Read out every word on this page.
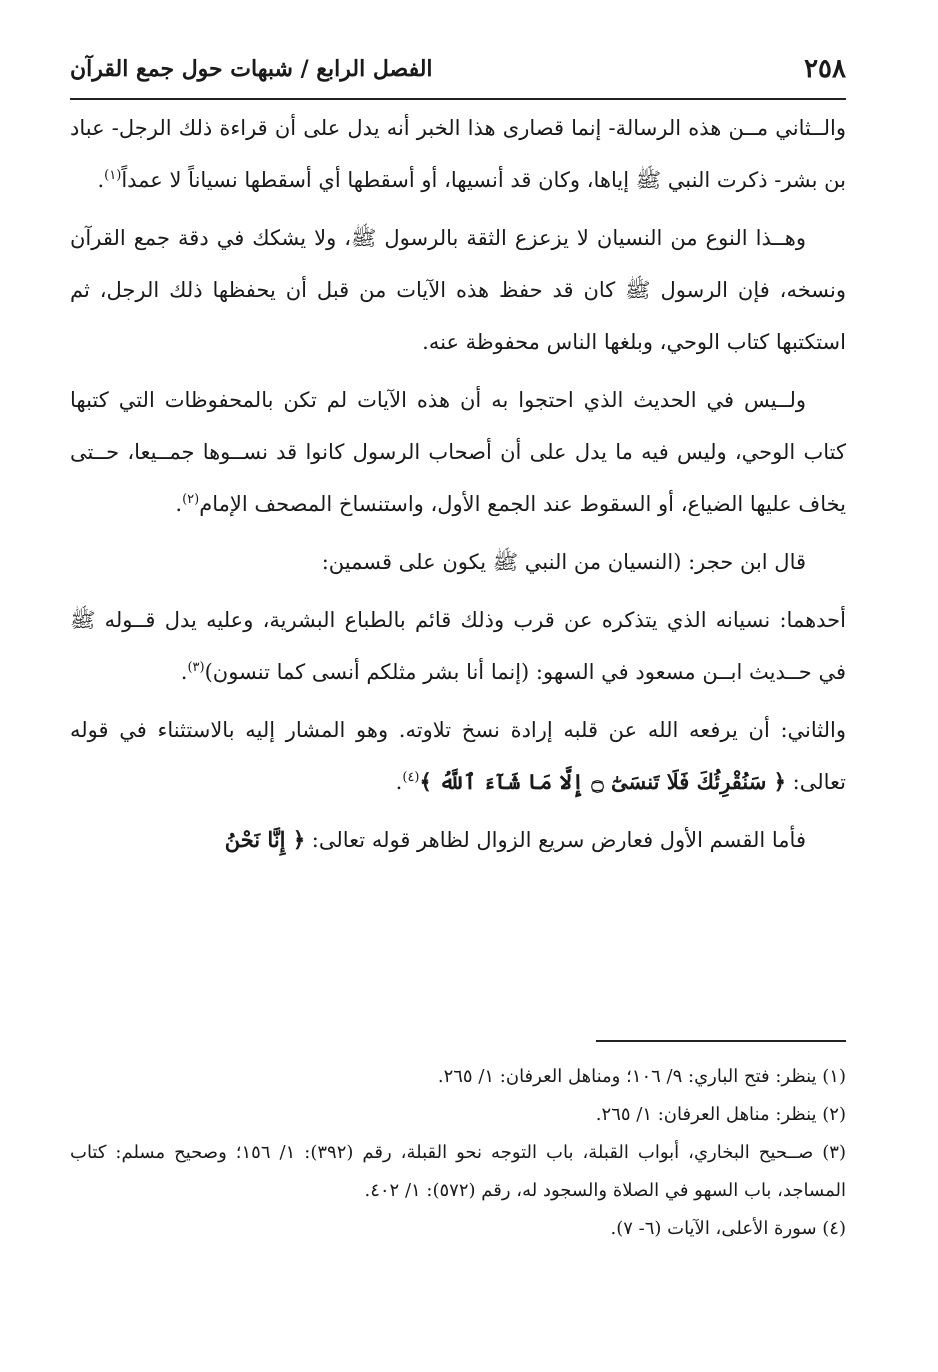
٢٥٨
الفصل الرابع / شبهات حول جمع القرآن

والــثاني مــن هذه الرسالة- إنما قصارى هذا الخبر أنه يدل على أن قراءة ذلك الرجل- عباد بن بشر- ذكرت النبي ﷺ إياها، وكان قد أنسيها، أو أسقطها أي أسقطها نسياناً لا عمداً$^{(١)}$.

وهــذا النوع من النسيان لا يزعزع الثقة بالرسول ﷺ، ولا يشكك في دقة جمع القرآن ونسخه، فإن الرسول ﷺ كان قد حفظ هذه الآيات من قبل أن يحفظها ذلك الرجل، ثم استكتبها كتاب الوحي، وبلغها الناس محفوظة عنه.

ولــيس في الحديث الذي احتجوا به أن هذه الآيات لم تكن بالمحفوظات التي كتبها كتاب الوحي، وليس فيه ما يدل على أن أصحاب الرسول كانوا قد نســوها جمــيعا، حــتى يخاف عليها الضياع، أو السقوط عند الجمع الأول، واستنساخ المصحف الإمام$^{(٢)}$.

قال ابن حجر: (النسيان من النبي ﷺ يكون على قسمين:

أحدهما: نسيانه الذي يتذكره عن قرب وذلك قائم بالطباع البشرية، وعليه يدل قــوله ﷺ في حــديث ابــن مسعود في السهو: (إنما أنا بشر مثلكم أنسى كما تنسون)$^{(٣)}$.

والثاني: أن يرفعه الله عن قلبه إرادة نسخ تلاوته. وهو المشار إليه بالاستثناء في قوله تعالى: ﴿ سَنُقْرِئُكَ فَلَا تَنسَىٰٓ ۝ إِلَّا مَا شَآءَ ٱللَّهُ ﴾$^{(٤)}$.

فأما القسم الأول فعارض سريع الزوال لظاهر قوله تعالى: ﴿ إِنَّا نَحْنُ

(١) ينظر: فتح الباري: ٩/ ١٠٦؛ ومناهل العرفان: ١/ ٢٦٥.

(٢) ينظر: مناهل العرفان: ١/ ٢٦٥.

(٣) صــحيح البخاري، أبواب القبلة، باب التوجه نحو القبلة، رقم (٣٩٢): ١/ ١٥٦؛ وصحيح مسلم: كتاب المساجد، باب السهو في الصلاة والسجود له، رقم (٥٧٢): ١/ ٤٠٢.

(٤) سورة الأعلى، الآيات (٦- ٧).
